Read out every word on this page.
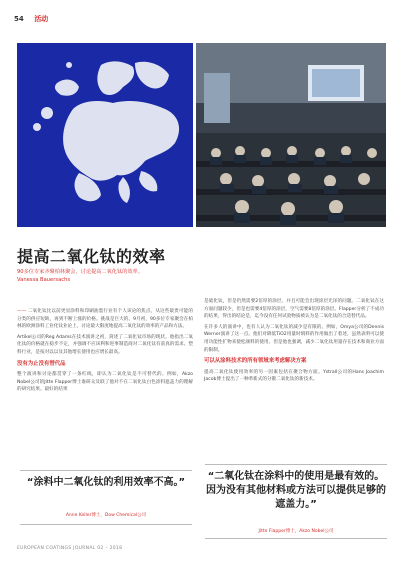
54 活动
提高二氧化钛的效率
90多位专家齐聚柏林聚会，讨论提高二氧化钛的效率。
Vanessa Bauersachs

—— 二氧化钛比以前更显涂料和印刷油墨行业有个人该论的焦点。从这些最贵可能的分类的供应短缺，再到不断上涨的价格。挑战是巨大的。9月初，90多位专家聚会在柏林的欧洲涂料工业化钛业论上，讨论最大限度地提高二氧化钛的效率的产品和方法。

Artikel公司的Reg Adams在技术演讲之初，简述了二氧化钛市场的现状。他指出二氧化钛的价格就在稳步不定，并强调不应该利和进事制造商对二氧化钛有前真的需求。塑料行业，是按对以以及其他增长使用也应增长最高。

没有为止没有替代品

整个演讲和讨论都贯穿了一条红线，即认为二氧化钛是不可替代的。例如，Akzo Nobel公司的Jitte Flapper博士谁研众及联了他对不在二氧化钛白色涂料遮盖力的理解的研究结果。最好的结果

是硫化钛，但是仍然需要2倍厚的涂层，并且可能会出现涂层光泽的问题。二氧化钛在这方面问题较少，但是也需要4倍厚的涂层，空气需要8倍厚的涂层。Flapper分析了不成功的结果，得出的结论是，迄今没有任何试验物质被认为是二氧化钛的合适替代品。

在许多人的演讲中，也有人认为二氧化钛的减少是有限的。例如，Omya公司的Dennis Werner演讲了这一点。他们对降低TiO2用量时填料的作用做出了着述，虽然表明可以使用功能性扩物来使松颜料的使用。但是他也强调，减少二氧化钛用量存在技术和商业方面的限制。

可以从涂料技术的所有领域来考虑解决方案

提高二氧化钛使用效率的另一因素包括在聚合物方面。Ystrall公司的Hans Joachim Jacob博士提出了一种革新式的分散二氧化钛的新技术。

“涂料中二氧化钛的利用效率不高。”
Anne Koller博士，Dow Chemical公司
“二氧化钛在涂料中的使用是最有效的。因为没有其他材料或方法可以提供足够的遮盖力。”
Jitte Flapper博士，Akzo Nobel公司
EUROPEAN COATINGS JOURNAL 02 – 2018
